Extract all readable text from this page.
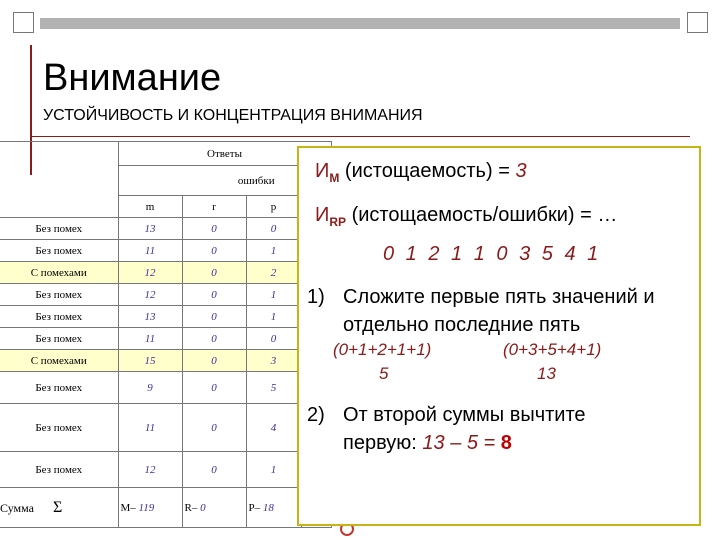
Внимание
УСТОЙЧИВОСТЬ И КОНЦЕНТРАЦИЯ ВНИМАНИЯ
	Ответы			
		ошибки		
	m	r	p	
Без помех	13	0	0	
Без помех	11	0	1	
С помехами	12	0	2	
Без помех	12	0	1	
Без помех	13	0	1	
Без помех	11	0	0	
С помехами	15	0	3	
Без помех	9	0	5	
Без помех	11	0	4	
Без помех	12	0	1	
Сумма Σ	M– 119	R– 0	P– 18	
$И_M$ (истощаемость) = 3
$И_{RP}$ (истощаемость/ошибки) = …
0 1 2 1 1 0 3 5 4 1
1) Сложите первые пять значений и
отдельно последние пять
(0+1+2+1+1)	(0+3+5+4+1)
5	13
2) От второй суммы вычтите
первую: 13 – 5 = 8
